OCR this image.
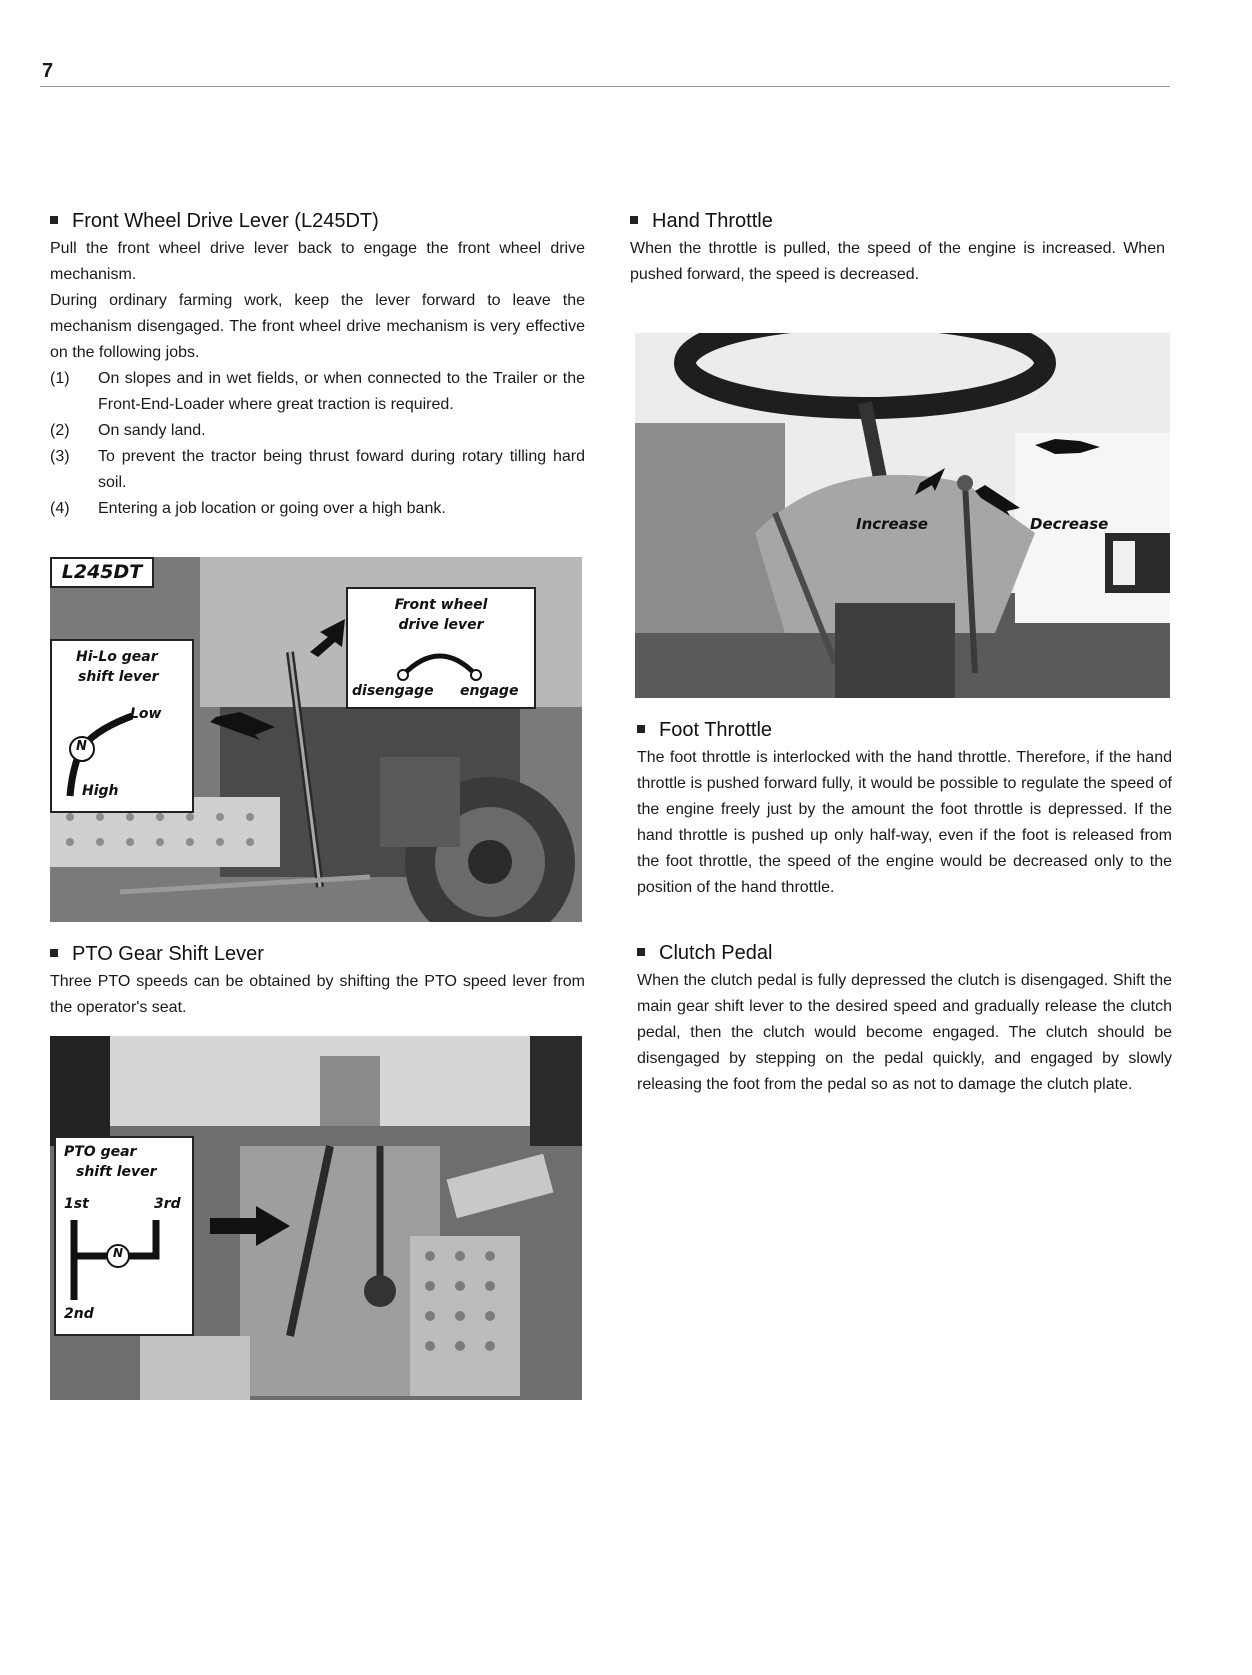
7
Front Wheel Drive Lever (L245DT)

Pull the front wheel drive lever back to engage the front wheel drive mechanism.

During ordinary farming work, keep the lever forward to leave the mechanism disengaged. The front wheel drive mechanism is very effective on the following jobs.

(1) On slopes and in wet fields, or when connected to the Trailer or the Front-End-Loader where great traction is required.
(2) On sandy land.
(3) To prevent the tractor being thrust foward during rotary tilling hard soil.
(4) Entering a job location or going over a high bank.
L245DT
Front wheel
drive lever
disengage engage
Hi-Lo gear
shift lever
Low
N
High
PTO Gear Shift Lever
Three PTO speeds can be obtained by shifting the PTO speed lever from the operator's seat.
PTO gear
shift lever
1st	3rd
N
2nd
Hand Throttle
When the throttle is pulled, the speed of the engine is increased. When pushed forward, the speed is decreased.
Increase	Decrease
Foot Throttle
The foot throttle is interlocked with the hand throttle. Therefore, if the hand throttle is pushed forward fully, it would be possible to regulate the speed of the engine freely just by the amount the foot throttle is depressed. If the hand throttle is pushed up only half-way, even if the foot is released from the foot throttle, the speed of the engine would be decreased only to the position of the hand throttle.
Clutch Pedal
When the clutch pedal is fully depressed the clutch is disengaged. Shift the main gear shift lever to the desired speed and gradually release the clutch pedal, then the clutch would become engaged. The clutch should be disengaged by stepping on the pedal quickly, and engaged by slowly releasing the foot from the pedal so as not to damage the clutch plate.
